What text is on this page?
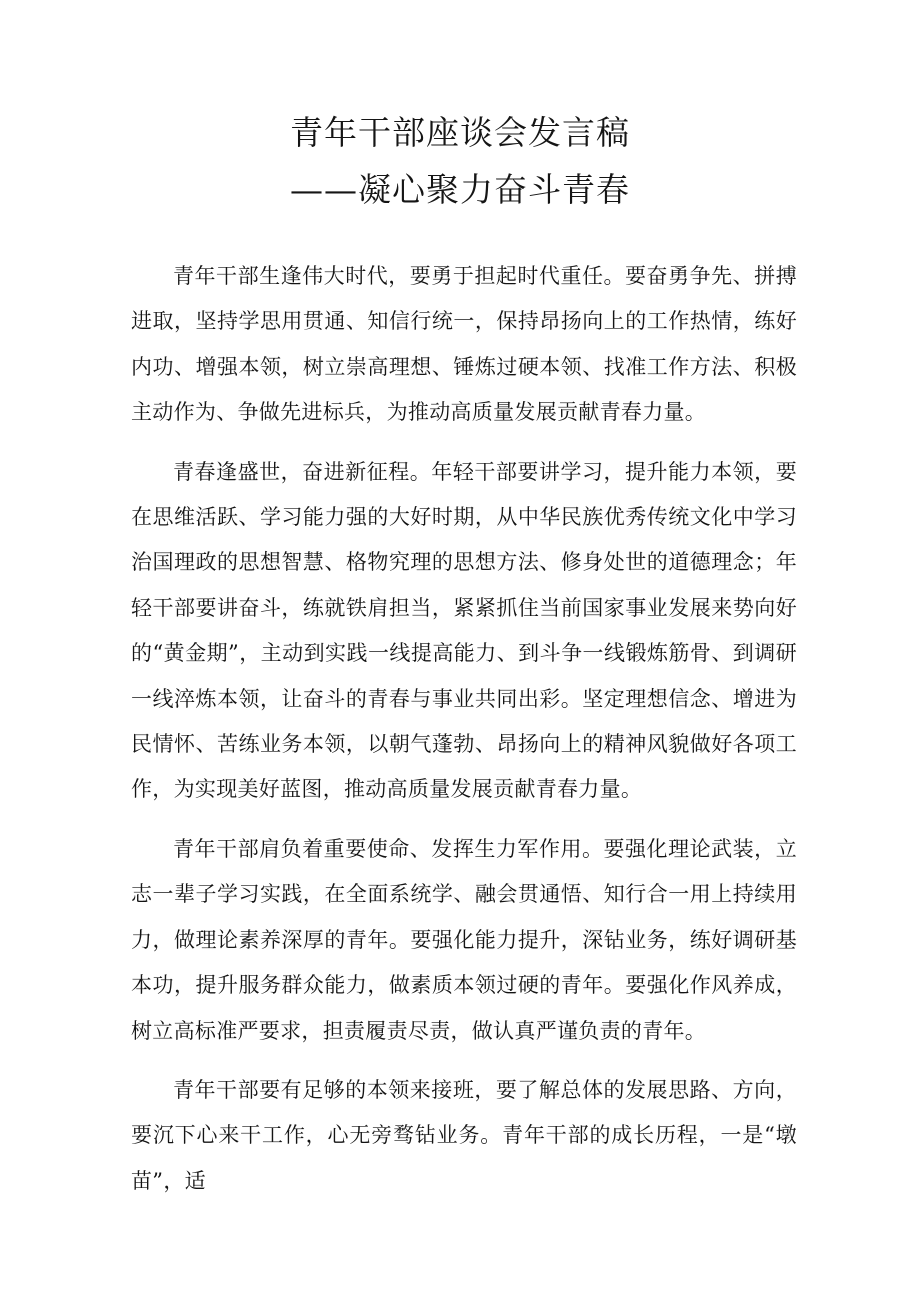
青年干部座谈会发言稿
——凝心聚力奋斗青春

青年干部生逢伟大时代，要勇于担起时代重任。要奋勇争先、拼搏进取，坚持学思用贯通、知信行统一，保持昂扬向上的工作热情，练好内功、增强本领，树立崇高理想、锤炼过硬本领、找准工作方法、积极主动作为、争做先进标兵，为推动高质量发展贡献青春力量。

青春逢盛世，奋进新征程。年轻干部要讲学习，提升能力本领，要在思维活跃、学习能力强的大好时期，从中华民族优秀传统文化中学习治国理政的思想智慧、格物究理的思想方法、修身处世的道德理念；年轻干部要讲奋斗，练就铁肩担当，紧紧抓住当前国家事业发展来势向好的“黄金期”，主动到实践一线提高能力、到斗争一线锻炼筋骨、到调研一线淬炼本领，让奋斗的青春与事业共同出彩。坚定理想信念、增进为民情怀、苦练业务本领，以朝气蓬勃、昂扬向上的精神风貌做好各项工作，为实现美好蓝图，推动高质量发展贡献青春力量。

青年干部肩负着重要使命、发挥生力军作用。要强化理论武装，立志一辈子学习实践，在全面系统学、融会贯通悟、知行合一用上持续用力，做理论素养深厚的青年。要强化能力提升，深钻业务，练好调研基本功，提升服务群众能力，做素质本领过硬的青年。要强化作风养成，树立高标准严要求，担责履责尽责，做认真严谨负责的青年。

青年干部要有足够的本领来接班，要了解总体的发展思路、方向，要沉下心来干工作，心无旁骛钻业务。青年干部的成长历程，一是“墩苗”，适
